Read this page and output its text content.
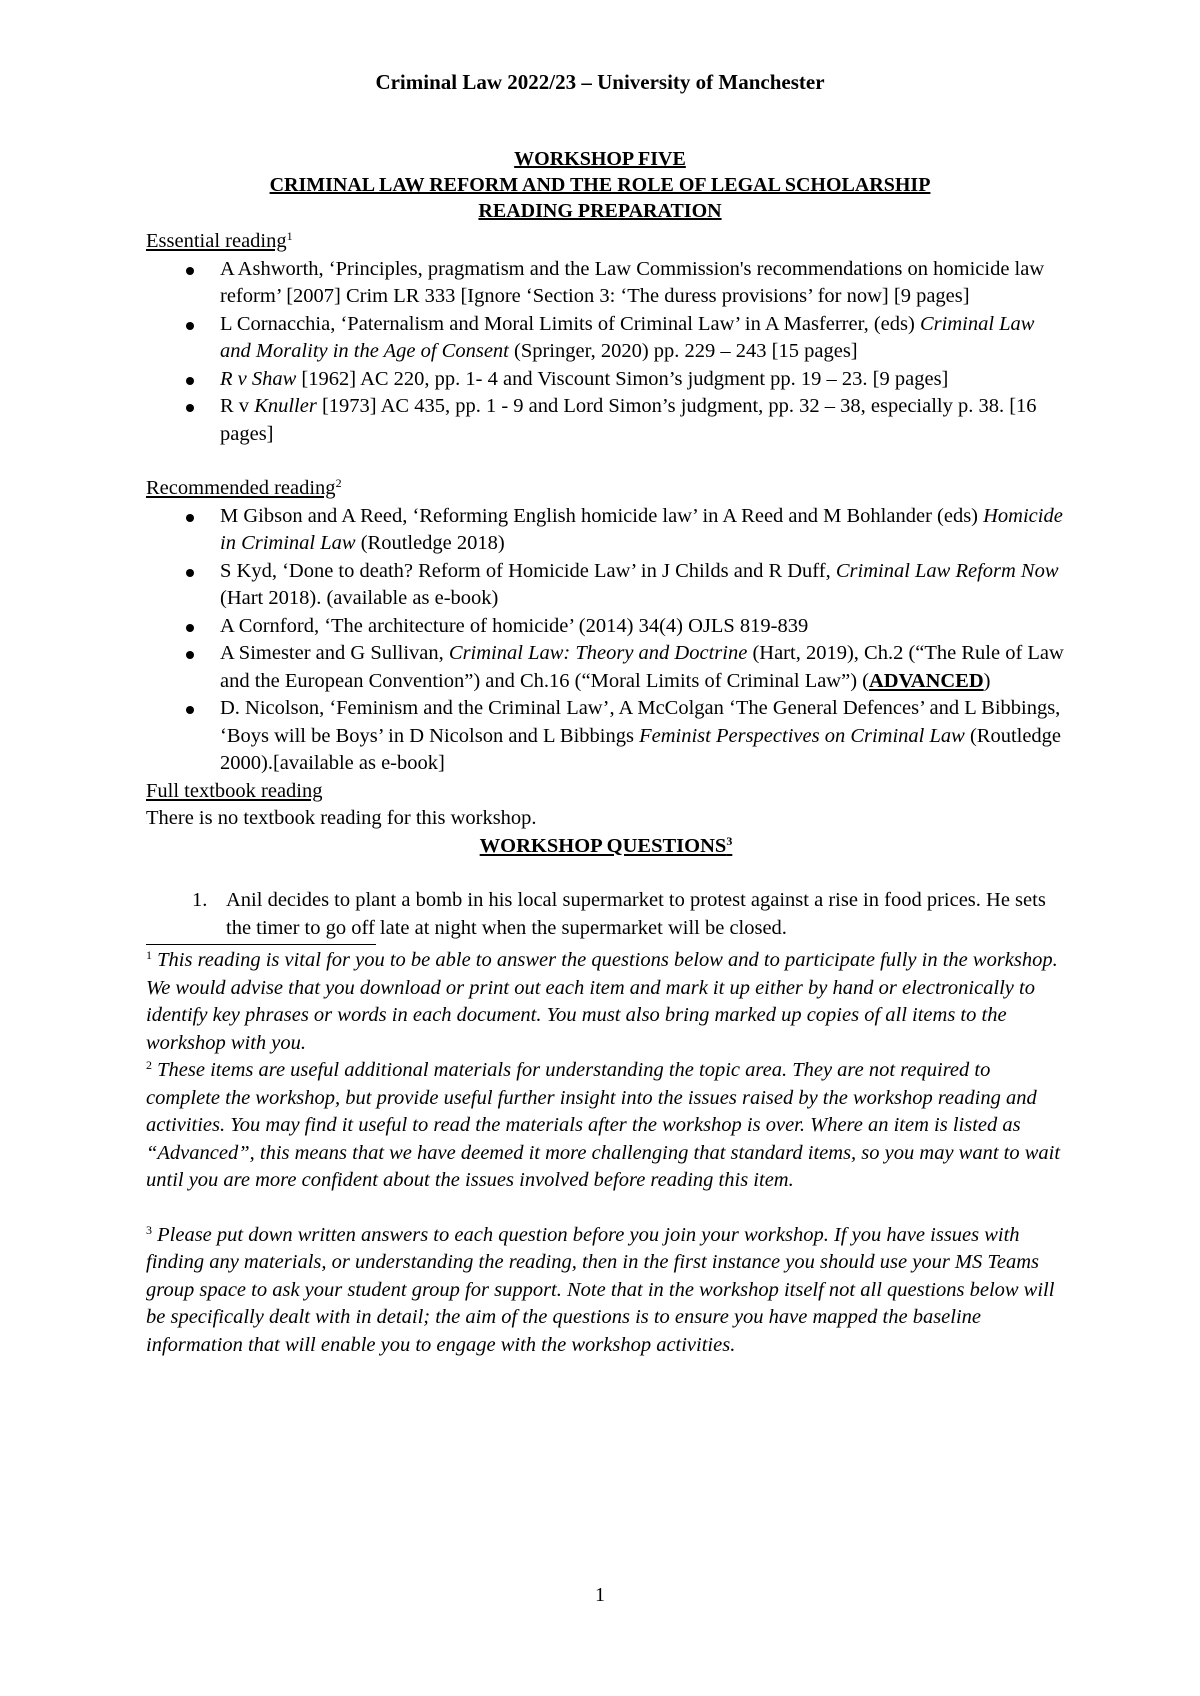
Criminal Law 2022/23 – University of Manchester
WORKSHOP FIVE
CRIMINAL LAW REFORM AND THE ROLE OF LEGAL SCHOLARSHIP
READING PREPARATION
Essential reading$^1$
A Ashworth, ‘Principles, pragmatism and the Law Commission's recommendations on homicide law reform’ [2007] Crim LR 333 [Ignore ‘Section 3: ‘The duress provisions’ for now] [9 pages]
L Cornacchia, ‘Paternalism and Moral Limits of Criminal Law’ in A Masferrer, (eds) Criminal Law and Morality in the Age of Consent (Springer, 2020) pp. 229 – 243 [15 pages]
R v Shaw [1962] AC 220, pp. 1- 4 and Viscount Simon’s judgment pp. 19 – 23. [9 pages]
R v Knuller [1973] AC 435, pp. 1 - 9 and Lord Simon’s judgment, pp. 32 – 38, especially p. 38. [16 pages]
Recommended reading$^2$
M Gibson and A Reed, ‘Reforming English homicide law’ in A Reed and M Bohlander (eds) Homicide in Criminal Law (Routledge 2018)
S Kyd, ‘Done to death? Reform of Homicide Law’ in J Childs and R Duff, Criminal Law Reform Now (Hart 2018). (available as e-book)
A Cornford, ‘The architecture of homicide’ (2014) 34(4) OJLS 819-839
A Simester and G Sullivan, Criminal Law: Theory and Doctrine (Hart, 2019), Ch.2 (“The Rule of Law and the European Convention”) and Ch.16 (“Moral Limits of Criminal Law”) (ADVANCED)
D. Nicolson, ‘Feminism and the Criminal Law’, A McColgan ‘The General Defences’ and L Bibbings, ‘Boys will be Boys’ in D Nicolson and L Bibbings Feminist Perspectives on Criminal Law (Routledge 2000).[available as e-book]
Full textbook reading
There is no textbook reading for this workshop.
WORKSHOP QUESTIONS$^3$
1. Anil decides to plant a bomb in his local supermarket to protest against a rise in food prices. He sets the timer to go off late at night when the supermarket will be closed.
$^1$ This reading is vital for you to be able to answer the questions below and to participate fully in the workshop. We would advise that you download or print out each item and mark it up either by hand or electronically to identify key phrases or words in each document. You must also bring marked up copies of all items to the workshop with you.
$^2$ These items are useful additional materials for understanding the topic area. They are not required to complete the workshop, but provide useful further insight into the issues raised by the workshop reading and activities. You may find it useful to read the materials after the workshop is over. Where an item is listed as “Advanced”, this means that we have deemed it more challenging that standard items, so you may want to wait until you are more confident about the issues involved before reading this item.
$^3$ Please put down written answers to each question before you join your workshop. If you have issues with finding any materials, or understanding the reading, then in the first instance you should use your MS Teams group space to ask your student group for support. Note that in the workshop itself not all questions below will be specifically dealt with in detail; the aim of the questions is to ensure you have mapped the baseline information that will enable you to engage with the workshop activities.
1
